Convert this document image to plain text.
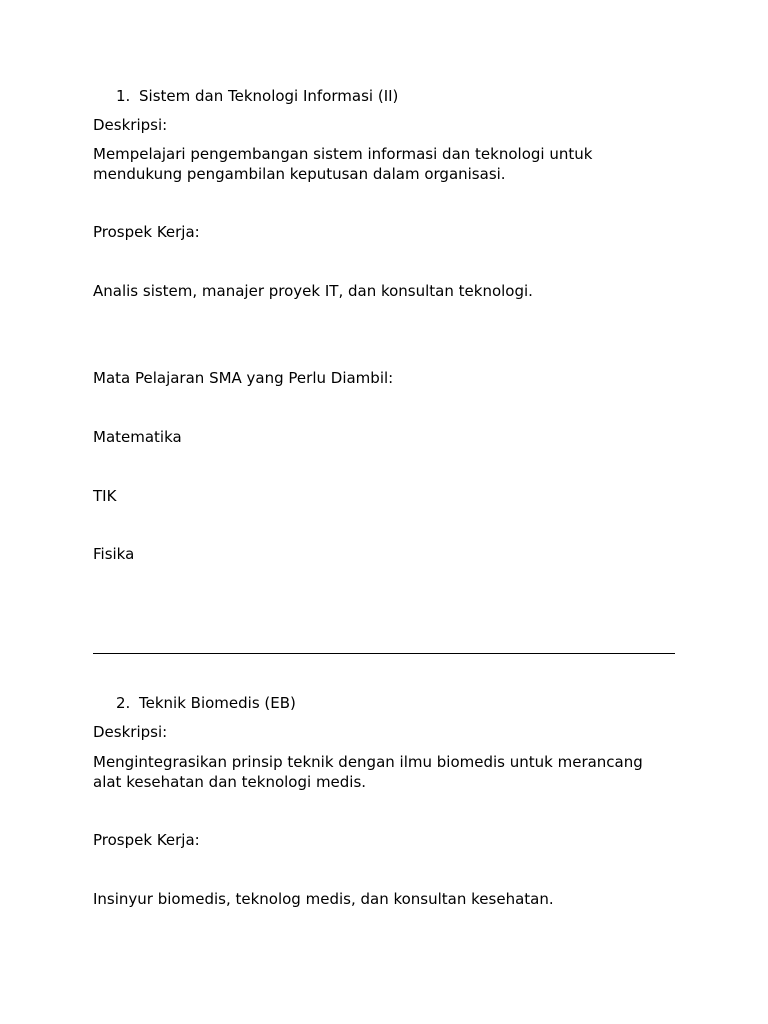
1. Sistem dan Teknologi Informasi (II)
Deskripsi:
Mempelajari pengembangan sistem informasi dan teknologi untuk
mendukung pengambilan keputusan dalam organisasi.
Prospek Kerja:
Analis sistem, manajer proyek IT, dan konsultan teknologi.
Mata Pelajaran SMA yang Perlu Diambil:
Matematika
TIK
Fisika
2. Teknik Biomedis (EB)
Deskripsi:
Mengintegrasikan prinsip teknik dengan ilmu biomedis untuk merancang
alat kesehatan dan teknologi medis.
Prospek Kerja:
Insinyur biomedis, teknolog medis, dan konsultan kesehatan.
